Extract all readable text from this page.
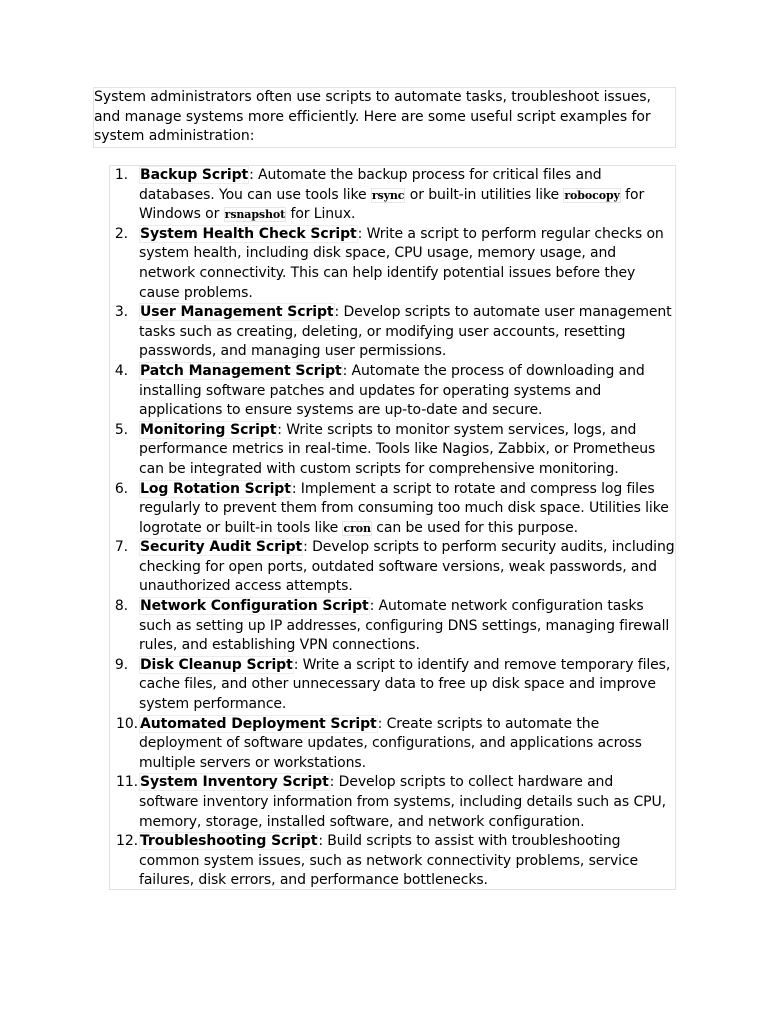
System administrators often use scripts to automate tasks, troubleshoot issues, and manage systems more efficiently. Here are some useful script examples for system administration:
1. Backup Script: Automate the backup process for critical files and databases. You can use tools like rsync or built-in utilities like robocopy for Windows or rsnapshot for Linux.
2. System Health Check Script: Write a script to perform regular checks on system health, including disk space, CPU usage, memory usage, and network connectivity. This can help identify potential issues before they cause problems.
3. User Management Script: Develop scripts to automate user management tasks such as creating, deleting, or modifying user accounts, resetting passwords, and managing user permissions.
4. Patch Management Script: Automate the process of downloading and installing software patches and updates for operating systems and applications to ensure systems are up-to-date and secure.
5. Monitoring Script: Write scripts to monitor system services, logs, and performance metrics in real-time. Tools like Nagios, Zabbix, or Prometheus can be integrated with custom scripts for comprehensive monitoring.
6. Log Rotation Script: Implement a script to rotate and compress log files regularly to prevent them from consuming too much disk space. Utilities like logrotate or built-in tools like cron can be used for this purpose.
7. Security Audit Script: Develop scripts to perform security audits, including checking for open ports, outdated software versions, weak passwords, and unauthorized access attempts.
8. Network Configuration Script: Automate network configuration tasks such as setting up IP addresses, configuring DNS settings, managing firewall rules, and establishing VPN connections.
9. Disk Cleanup Script: Write a script to identify and remove temporary files, cache files, and other unnecessary data to free up disk space and improve system performance.
10. Automated Deployment Script: Create scripts to automate the deployment of software updates, configurations, and applications across multiple servers or workstations.
11. System Inventory Script: Develop scripts to collect hardware and software inventory information from systems, including details such as CPU, memory, storage, installed software, and network configuration.
12. Troubleshooting Script: Build scripts to assist with troubleshooting common system issues, such as network connectivity problems, service failures, disk errors, and performance bottlenecks.
